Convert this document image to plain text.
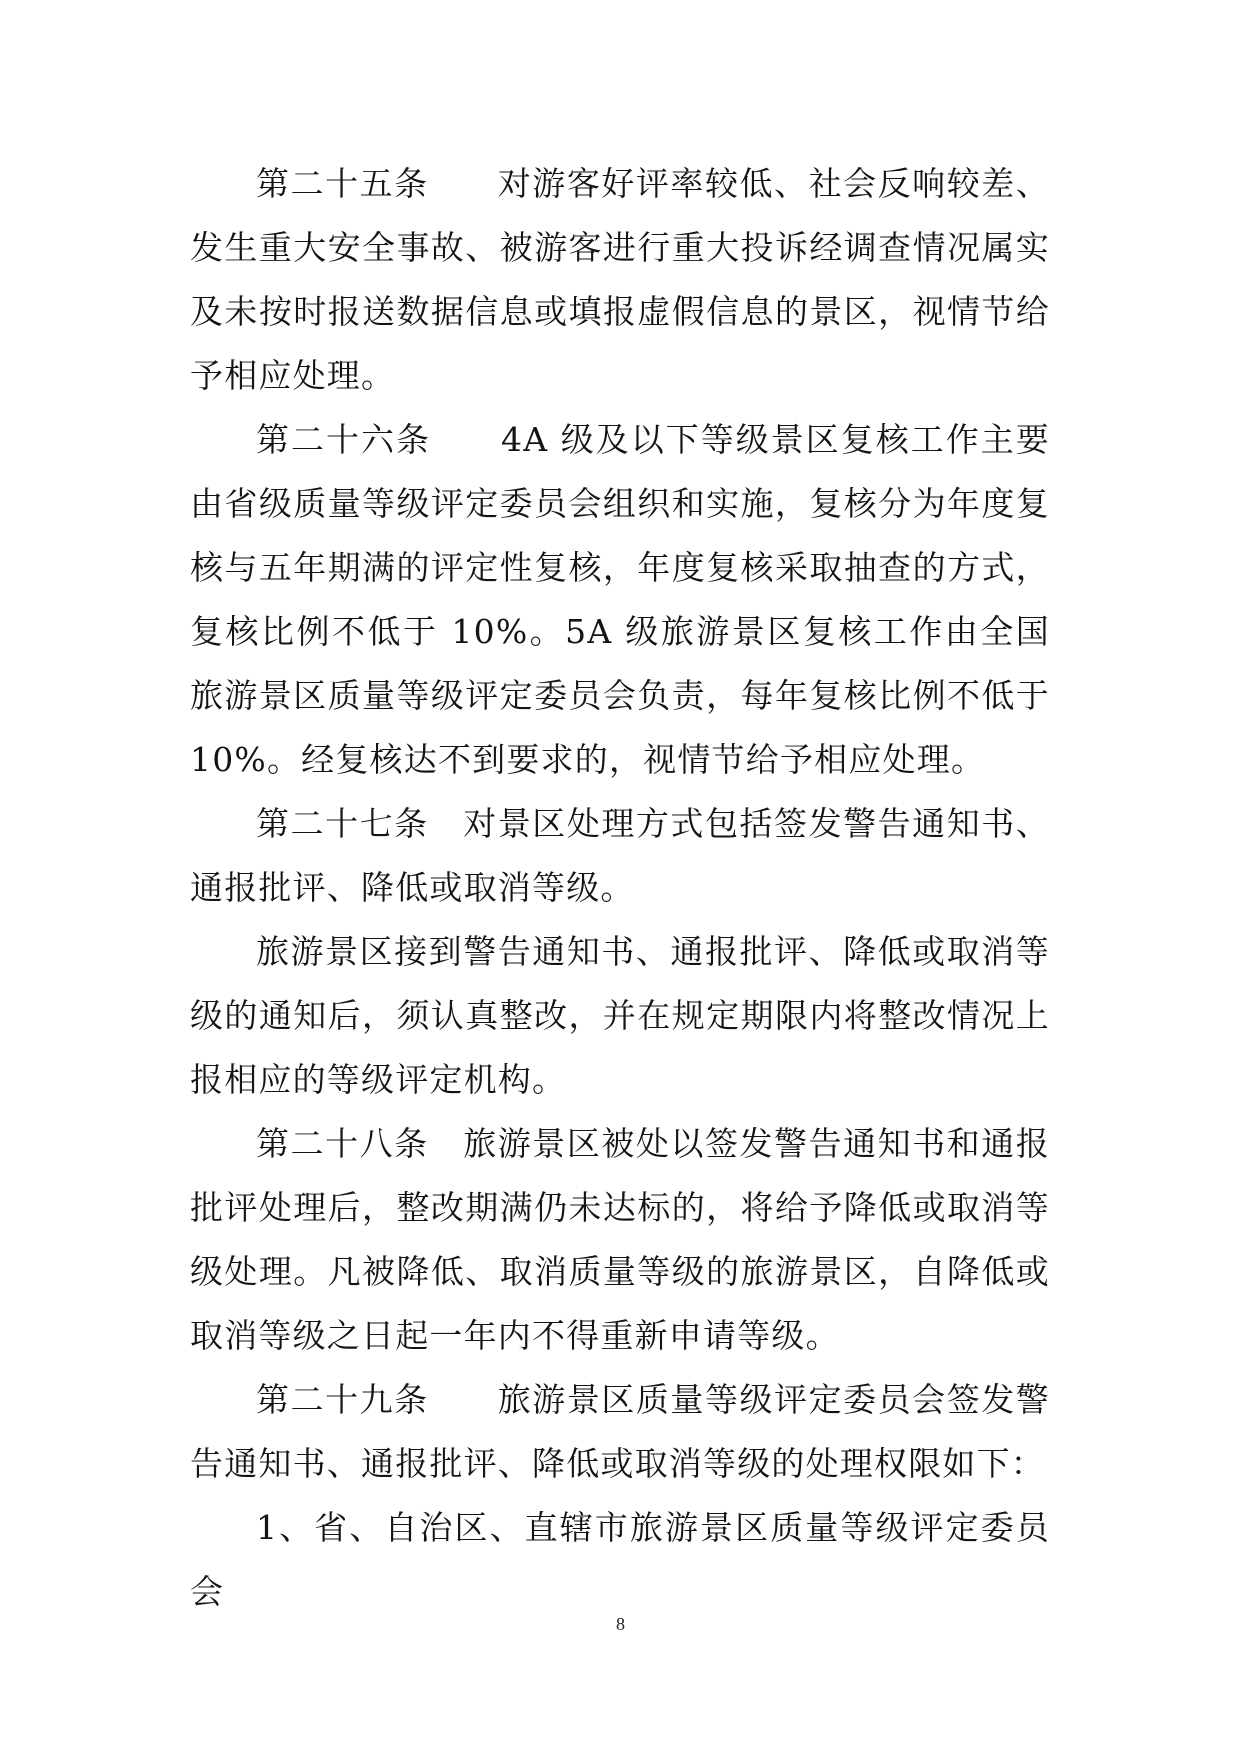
第二十五条　　对游客好评率较低、社会反响较差、发生重大安全事故、被游客进行重大投诉经调查情况属实及未按时报送数据信息或填报虚假信息的景区，视情节给予相应处理。

第二十六条　　4A 级及以下等级景区复核工作主要由省级质量等级评定委员会组织和实施，复核分为年度复核与五年期满的评定性复核，年度复核采取抽查的方式，复核比例不低于 10%。5A 级旅游景区复核工作由全国旅游景区质量等级评定委员会负责，每年复核比例不低于 10%。经复核达不到要求的，视情节给予相应处理。

第二十七条　对景区处理方式包括签发警告通知书、通报批评、降低或取消等级。

旅游景区接到警告通知书、通报批评、降低或取消等级的通知后，须认真整改，并在规定期限内将整改情况上报相应的等级评定机构。

第二十八条　旅游景区被处以签发警告通知书和通报批评处理后，整改期满仍未达标的，将给予降低或取消等级处理。凡被降低、取消质量等级的旅游景区，自降低或取消等级之日起一年内不得重新申请等级。

第二十九条　　旅游景区质量等级评定委员会签发警告通知书、通报批评、降低或取消等级的处理权限如下：

1、省、自治区、直辖市旅游景区质量等级评定委员会

8
